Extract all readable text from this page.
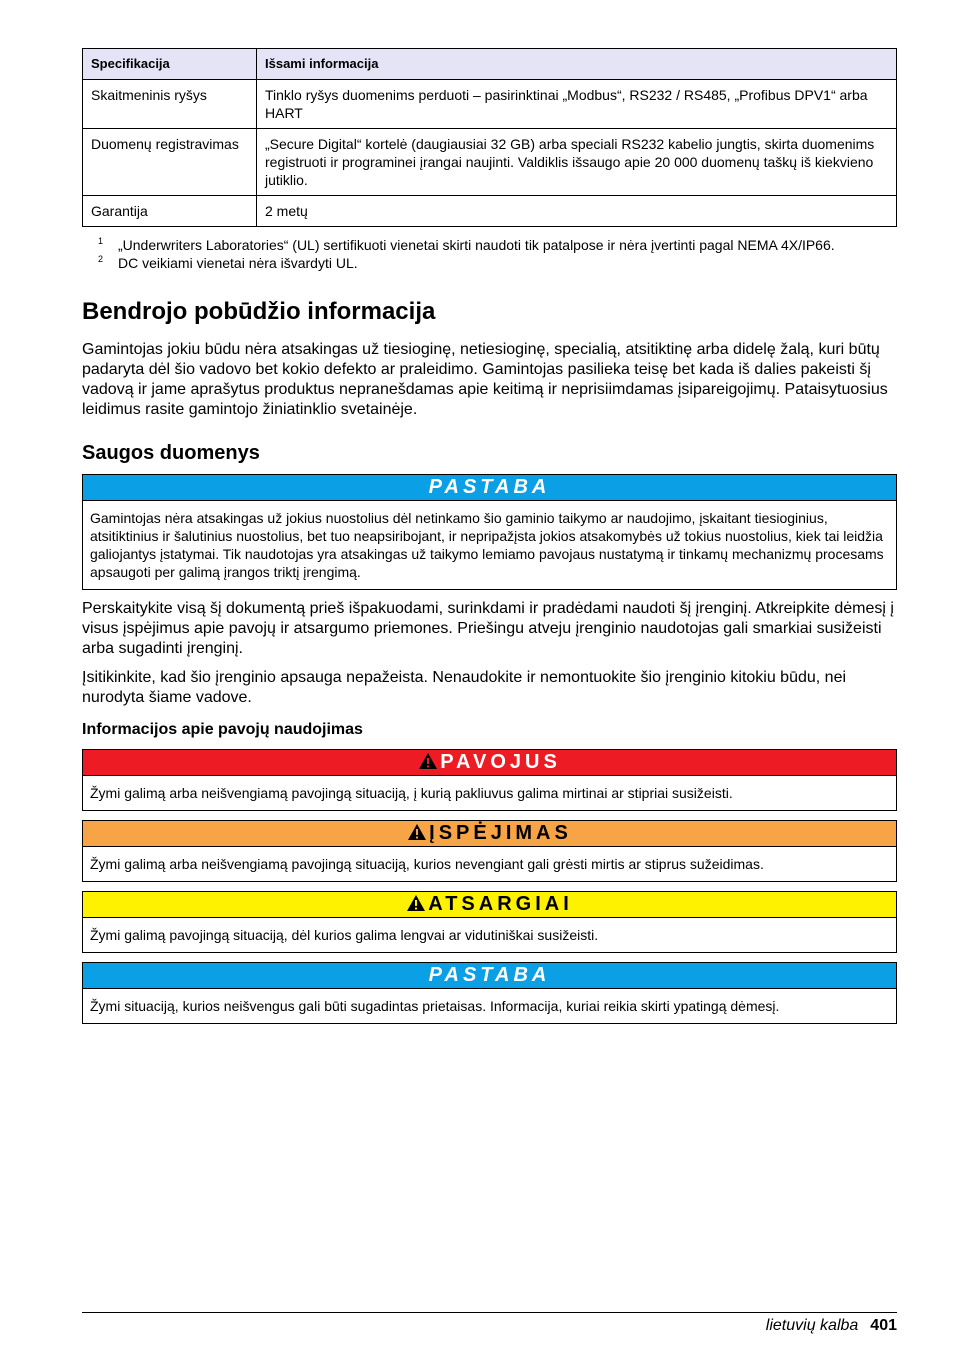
Specifikacija	Išsami informacija
Skaitmeninis ryšys	Tinklo ryšys duomenims perduoti – pasirinktinai „Modbus“, RS232 / RS485, „Profibus DPV1“ arba HART
Duomenų registravimas	„Secure Digital“ kortelė (daugiausiai 32 GB) arba speciali RS232 kabelio jungtis, skirta duomenims registruoti ir programinei įrangai naujinti. Valdiklis išsaugo apie 20 000 duomenų taškų iš kiekvieno jutiklio.
Garantija	2 metų
1 „Underwriters Laboratories“ (UL) sertifikuoti vienetai skirti naudoti tik patalpose ir nėra įvertinti pagal NEMA 4X/IP66.
2 DC veikiami vienetai nėra išvardyti UL.
Bendrojo pobūdžio informacija

Gamintojas jokiu būdu nėra atsakingas už tiesioginę, netiesioginę, specialią, atsitiktinę arba didelę žalą, kuri būtų padaryta dėl šio vadovo bet kokio defekto ar praleidimo. Gamintojas pasilieka teisę bet kada iš dalies pakeisti šį vadovą ir jame aprašytus produktus nepranešdamas apie keitimą ir neprisiimdamas įsipareigojimų. Pataisytuosius leidimus rasite gamintojo žiniatinklio svetainėje.

Saugos duomenys
PASTABA
Gamintojas nėra atsakingas už jokius nuostolius dėl netinkamo šio gaminio taikymo ar naudojimo, įskaitant tiesioginius, atsitiktinius ir šalutinius nuostolius, bet tuo neapsiribojant, ir nepripažįsta jokios atsakomybės už tokius nuostolius, kiek tai leidžia galiojantys įstatymai. Tik naudotojas yra atsakingas už taikymo lemiamo pavojaus nustatymą ir tinkamų mechanizmų procesams apsaugoti per galimą įrangos triktį įrengimą.

Perskaitykite visą šį dokumentą prieš išpakuodami, surinkdami ir pradėdami naudoti šį įrenginį. Atkreipkite dėmesį į visus įspėjimus apie pavojų ir atsargumo priemones. Priešingu atveju įrenginio naudotojas gali smarkiai susižeisti arba sugadinti įrenginį.

Įsitikinkite, kad šio įrenginio apsauga nepažeista. Nenaudokite ir nemontuokite šio įrenginio kitokiu būdu, nei nurodyta šiame vadove.

Informacijos apie pavojų naudojimas
PAVOJUS
Žymi galimą arba neišvengiamą pavojingą situaciją, į kurią pakliuvus galima mirtinai ar stipriai susižeisti.
ĮSPĖJIMAS
Žymi galimą arba neišvengiamą pavojingą situaciją, kurios nevengiant gali grėsti mirtis ar stiprus sužeidimas.
ATSARGIAI
Žymi galimą pavojingą situaciją, dėl kurios galima lengvai ar vidutiniškai susižeisti.
PASTABA
Žymi situaciją, kurios neišvengus gali būti sugadintas prietaisas. Informacija, kuriai reikia skirti ypatingą dėmesį.
lietuvių kalba 401
